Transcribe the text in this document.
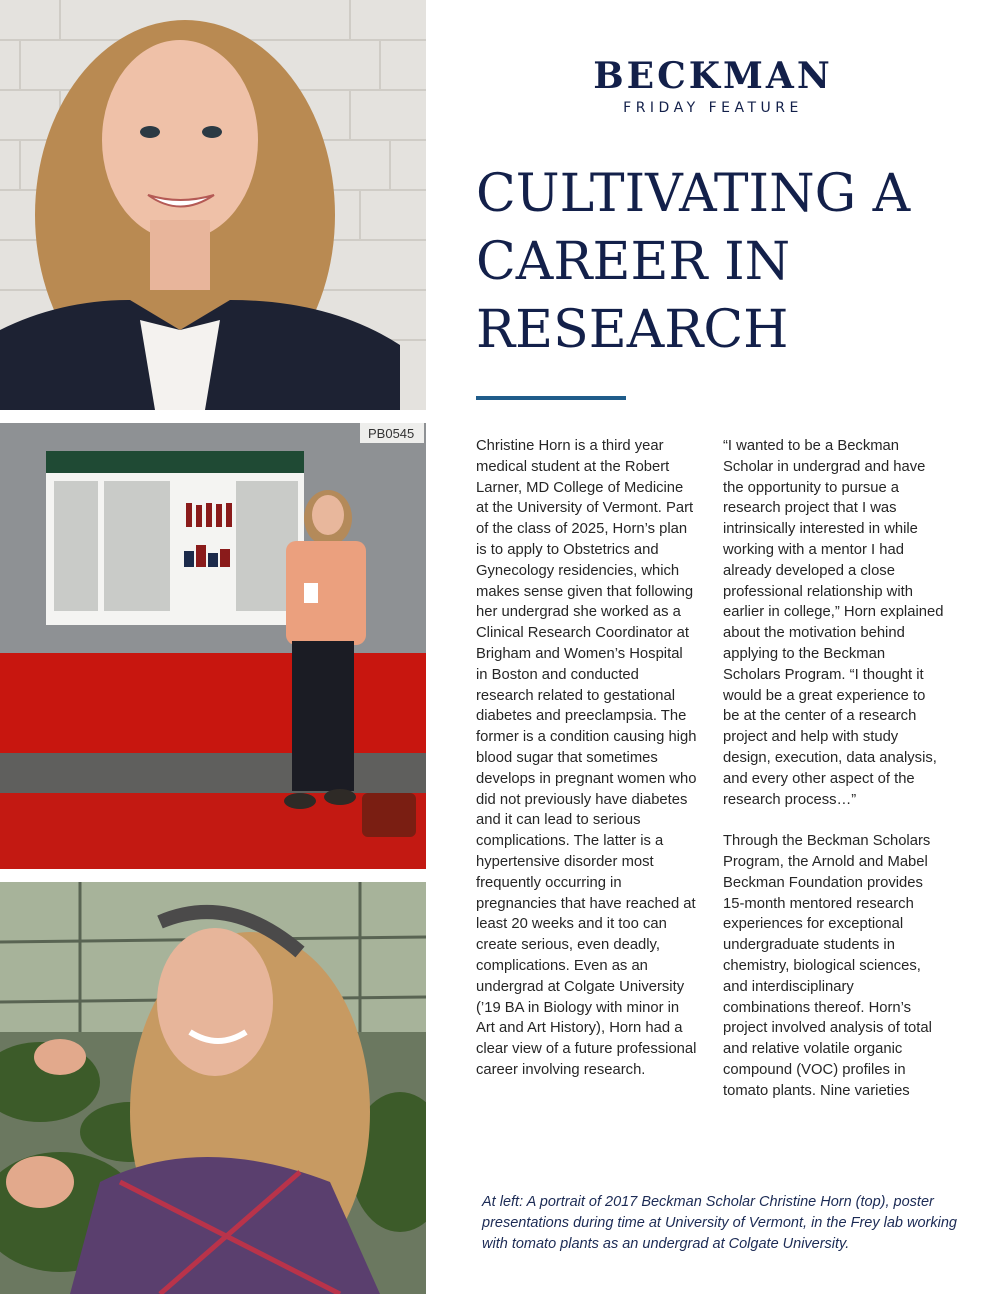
PB0545
BECKMAN
FRIDAY FEATURE
CULTIVATING A CAREER IN RESEARCH

Christine Horn is a third year medical student at the Robert Larner, MD College of Medicine at the University of Vermont. Part of the class of 2025, Horn’s plan is to apply to Obstetrics and Gynecology residencies, which makes sense given that following her undergrad she worked as a Clinical Research Coordinator at Brigham and Women’s Hospital in Boston and conducted research related to gestational diabetes and preeclampsia. The former is a condition causing high blood sugar that sometimes develops in pregnant women who did not previously have diabetes and it can lead to serious complications. The latter is a hypertensive disorder most frequently occurring in pregnancies that have reached at least 20 weeks and it too can create serious, even deadly, complications. Even as an undergrad at Colgate University (’19 BA in Biology with minor in Art and Art History), Horn had a clear view of a future professional career involving research.

“I wanted to be a Beckman Scholar in undergrad and have the opportunity to pursue a research project that I was intrinsically interested in while working with a mentor I had already developed a close professional relationship with earlier in college,” Horn explained about the motivation behind applying to the Beckman Scholars Program. “I thought it would be a great experience to be at the center of a research project and help with study design, execution, data analysis, and every other aspect of the research process…”

Through the Beckman Scholars Program, the Arnold and Mabel Beckman Foundation provides 15-month mentored research experiences for exceptional undergraduate students in chemistry, biological sciences, and interdisciplinary combinations thereof. Horn’s project involved analysis of total and relative volatile organic compound (VOC) profiles in tomato plants. Nine varieties

At left: A portrait of 2017 Beckman Scholar Christine Horn (top), poster presentations during time at University of Vermont, in the Frey lab working with tomato plants as an undergrad at Colgate University.
